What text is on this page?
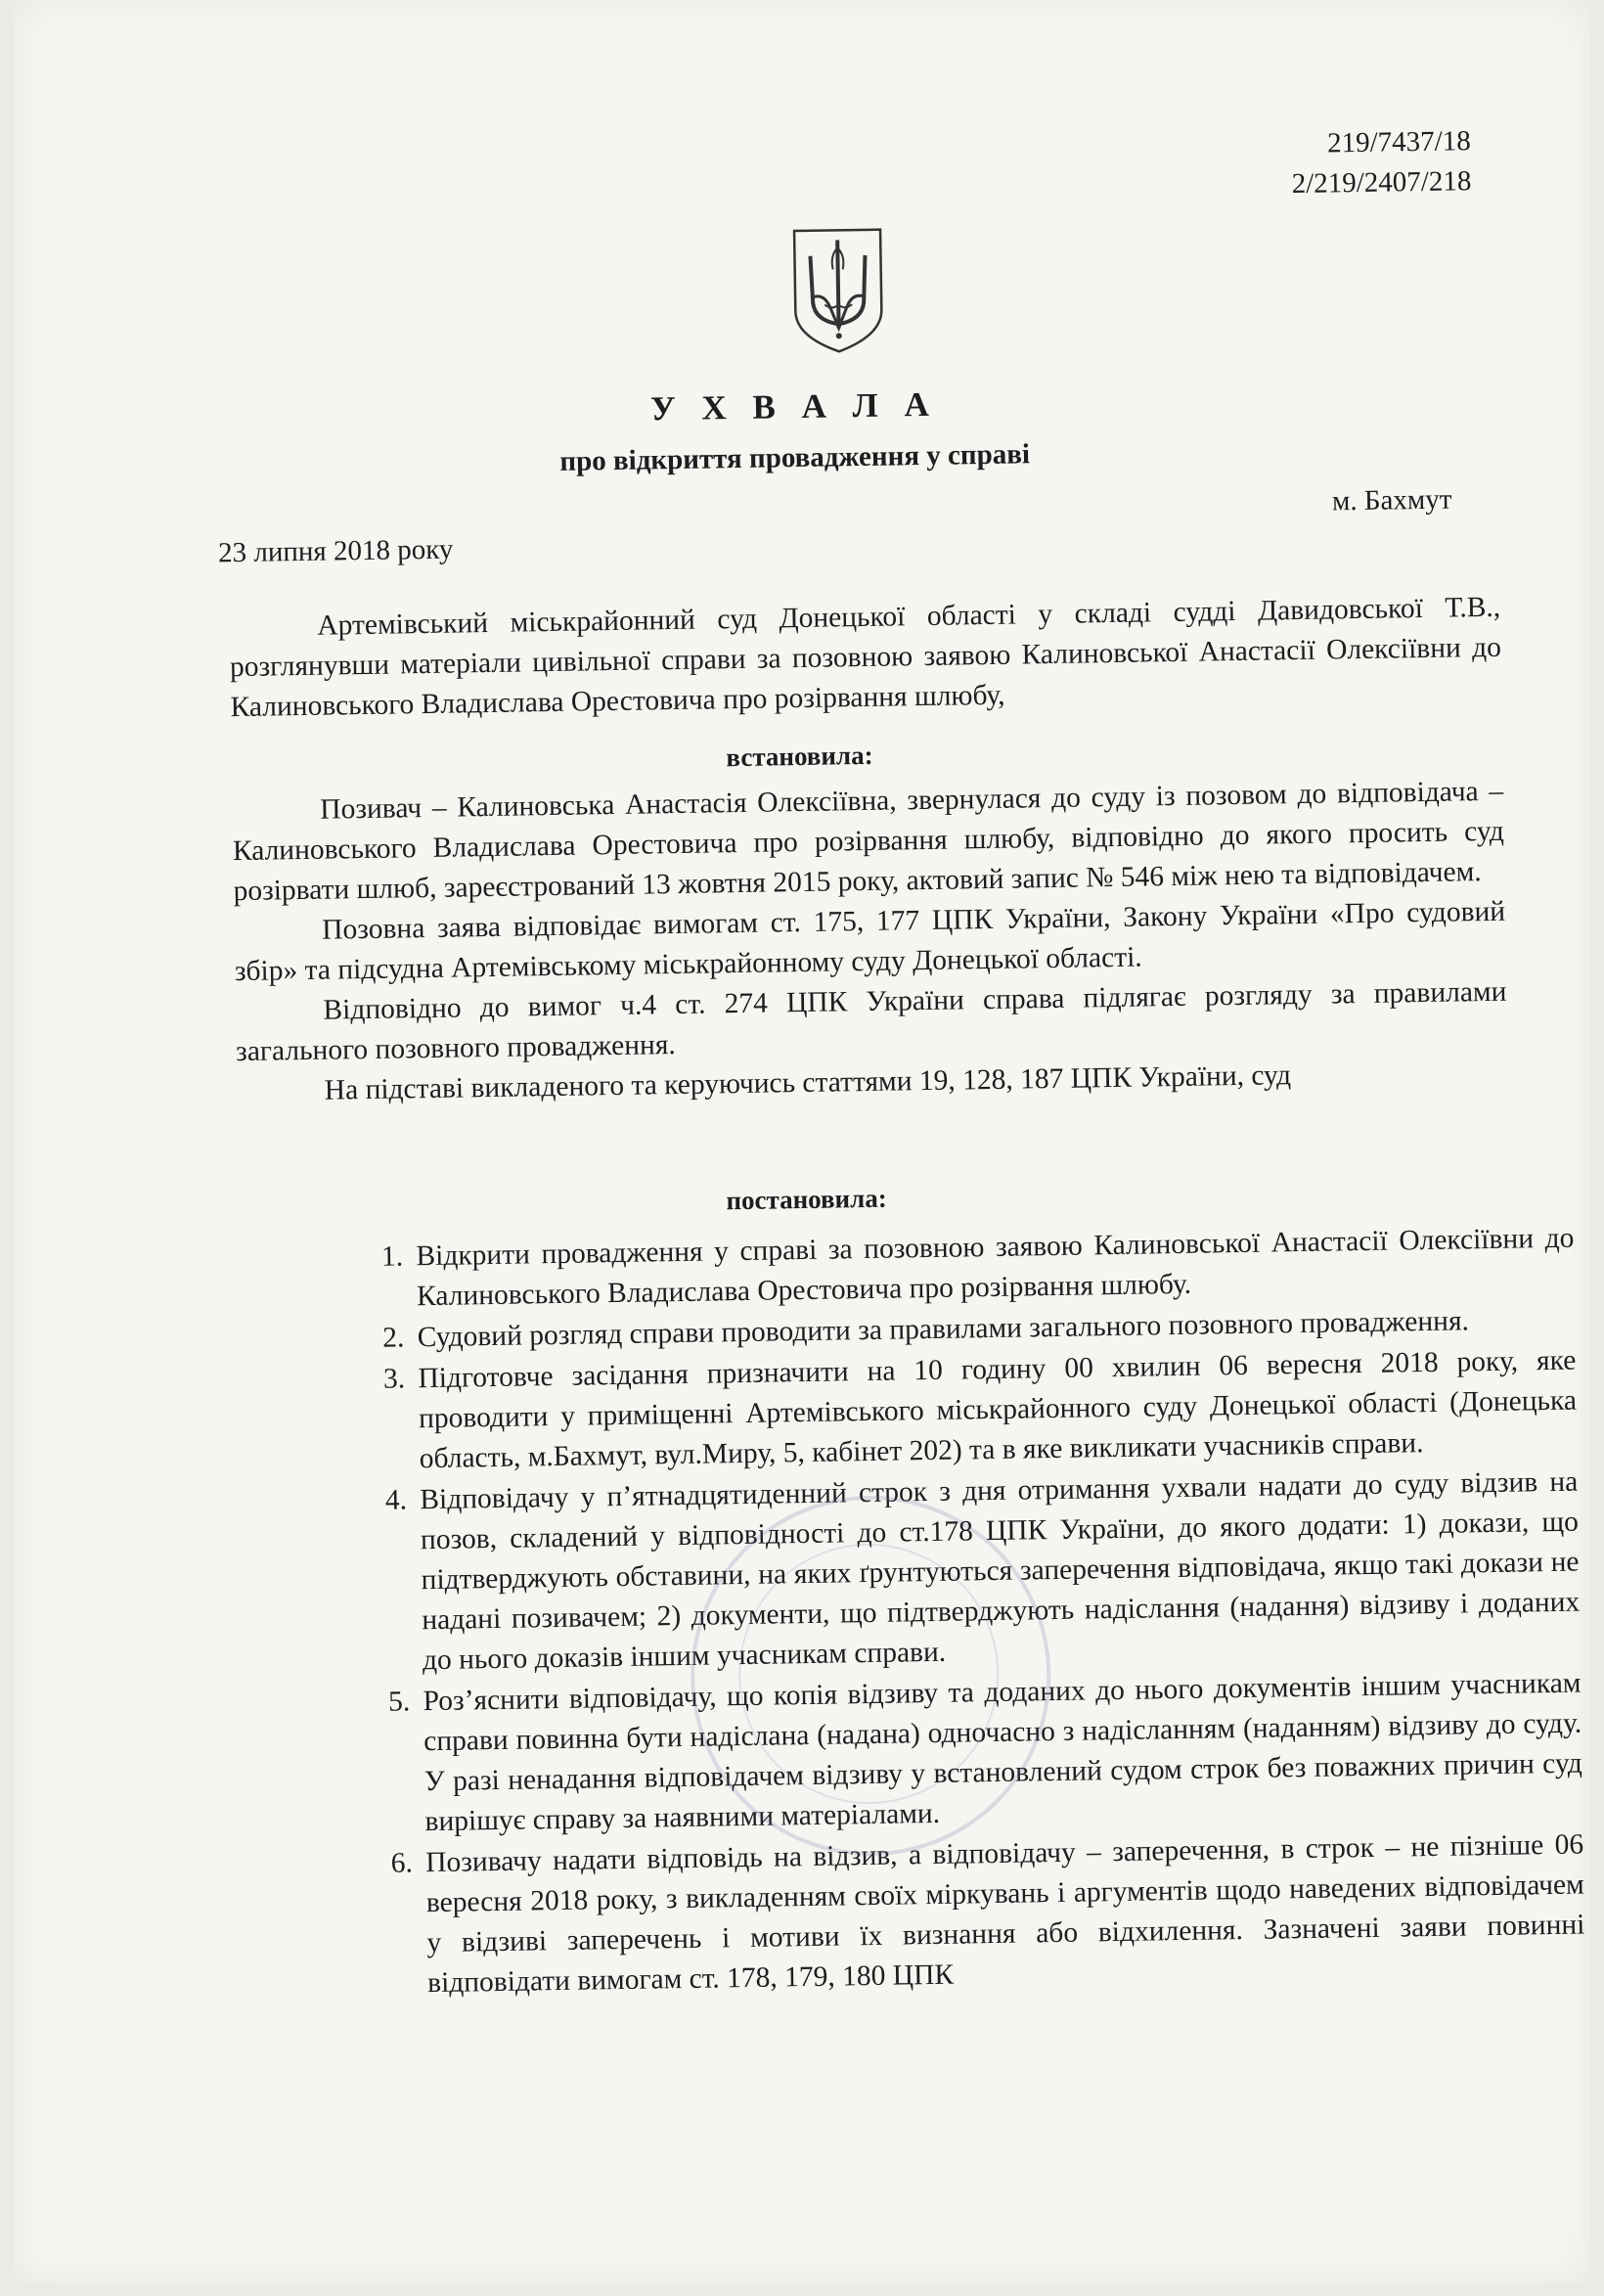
219/7437/18
2/219/2407/218
У Х В А Л А
про відкриття провадження у справі
м. Бахмут
23 липня 2018 року

Артемівський міськрайонний суд Донецької області у складі судді Давидовської Т.В., розглянувши матеріали цивільної справи за позовною заявою Калиновської Анастасії Олексіївни до Калиновського Владислава Орестовича про розірвання шлюбу,

встановила:

Позивач – Калиновська Анастасія Олексіївна, звернулася до суду із позовом до відповідача – Калиновського Владислава Орестовича про розірвання шлюбу, відповідно до якого просить суд розірвати шлюб, зареєстрований 13 жовтня 2015 року, актовий запис № 546 між нею та відповідачем.

Позовна заява відповідає вимогам ст. 175, 177 ЦПК України, Закону України «Про судовий збір» та підсудна Артемівському міськрайонному суду Донецької області.

Відповідно до вимог ч.4 ст. 274 ЦПК України справа підлягає розгляду за правилами загального позовного провадження.

На підставі викладеного та керуючись статтями 19, 128, 187 ЦПК України, суд

постановила:
1. Відкрити провадження у справі за позовною заявою Калиновської Анастасії Олексіївни до Калиновського Владислава Орестовича про розірвання шлюбу.
2. Судовий розгляд справи проводити за правилами загального позовного провадження.
3. Підготовче засідання призначити на 10 годину 00 хвилин 06 вересня 2018 року, яке проводити у приміщенні Артемівського міськрайонного суду Донецької області (Донецька область, м.Бахмут, вул.Миру, 5, кабінет 202) та в яке викликати учасників справи.
4. Відповідачу у п’ятнадцятиденний строк з дня отримання ухвали надати до суду відзив на позов, складений у відповідності до ст.178 ЦПК України, до якого додати: 1) докази, що підтверджують обставини, на яких ґрунтуються заперечення відповідача, якщо такі докази не надані позивачем; 2) документи, що підтверджують надіслання (надання) відзиву і доданих до нього доказів іншим учасникам справи.
5. Роз’яснити відповідачу, що копія відзиву та доданих до нього документів іншим учасникам справи повинна бути надіслана (надана) одночасно з надісланням (наданням) відзиву до суду. У разі ненадання відповідачем відзиву у встановлений судом строк без поважних причин суд вирішує справу за наявними матеріалами.
6. Позивачу надати відповідь на відзив, а відповідачу – заперечення, в строк – не пізніше 06 вересня 2018 року, з викладенням своїх міркувань і аргументів щодо наведених відповідачем у відзиві заперечень і мотиви їх визнання або відхилення. Зазначені заяви повинні відповідати вимогам ст. 178, 179, 180 ЦПК
